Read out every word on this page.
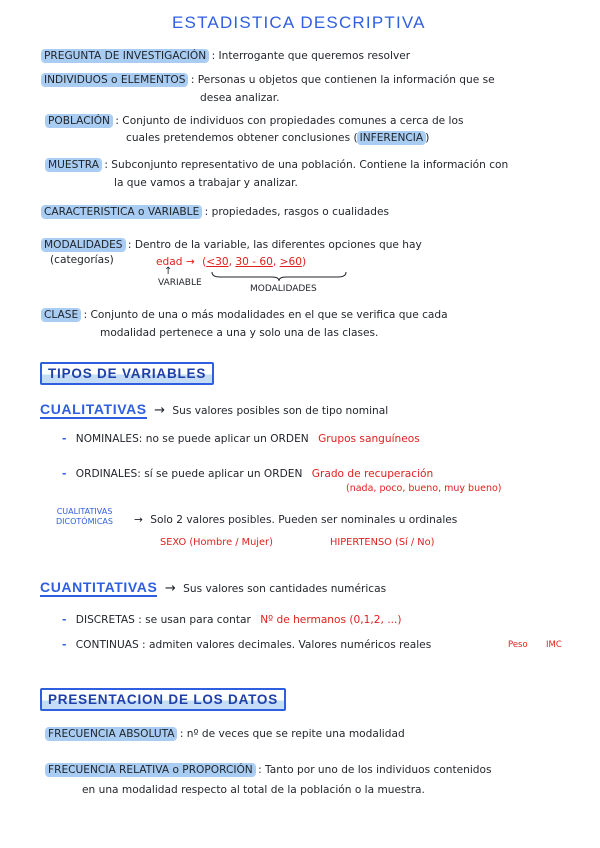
ESTADISTICA DESCRIPTIVA
PREGUNTA DE INVESTIGACIÓN : Interrogante que queremos resolver
INDIVIDUOS o ELEMENTOS : Personas u objetos que contienen la información que se
desea analizar.
POBLACIÓN : Conjunto de individuos con propiedades comunes a cerca de los
cuales pretendemos obtener conclusiones ( INFERENCIA )
MUESTRA : Subconjunto representativo de una población. Contiene la información con
la que vamos a trabajar y analizar.
CARACTERISTICA o VARIABLE : propiedades, rasgos o cualidades
MODALIDADES : Dentro de la variable, las diferentes opciones que hay
(categorías)	edad → (<30, 30 - 60, >60)
↑
VARIABLE
MODALIDADES
CLASE : Conjunto de una o más modalidades en el que se verifica que cada
modalidad pertenece a una y solo una de las clases.
TIPOS DE VARIABLES
CUALITATIVAS → Sus valores posibles son de tipo nominal
- NOMINALES: no se puede aplicar un ORDEN Grupos sanguíneos
- ORDINALES: sí se puede aplicar un ORDEN Grado de recuperación
(nada, poco, bueno, muy bueno)
CUALITATIVAS
DICOTÓMICAS → Solo 2 valores posibles. Pueden ser nominales u ordinales
SEXO (Hombre / Mujer)	HIPERTENSO (Sí / No)
CUANTITATIVAS → Sus valores son cantidades numéricas
- DISCRETAS : se usan para contar Nº de hermanos (0,1,2, ...)
- CONTINUAS : admiten valores decimales. Valores numéricos reales	Peso IMC
PRESENTACION DE LOS DATOS
FRECUENCIA ABSOLUTA : nº de veces que se repite una modalidad
FRECUENCIA RELATIVA o PROPORCIÓN : Tanto por uno de los individuos contenidos
en una modalidad respecto al total de la población o la muestra.
